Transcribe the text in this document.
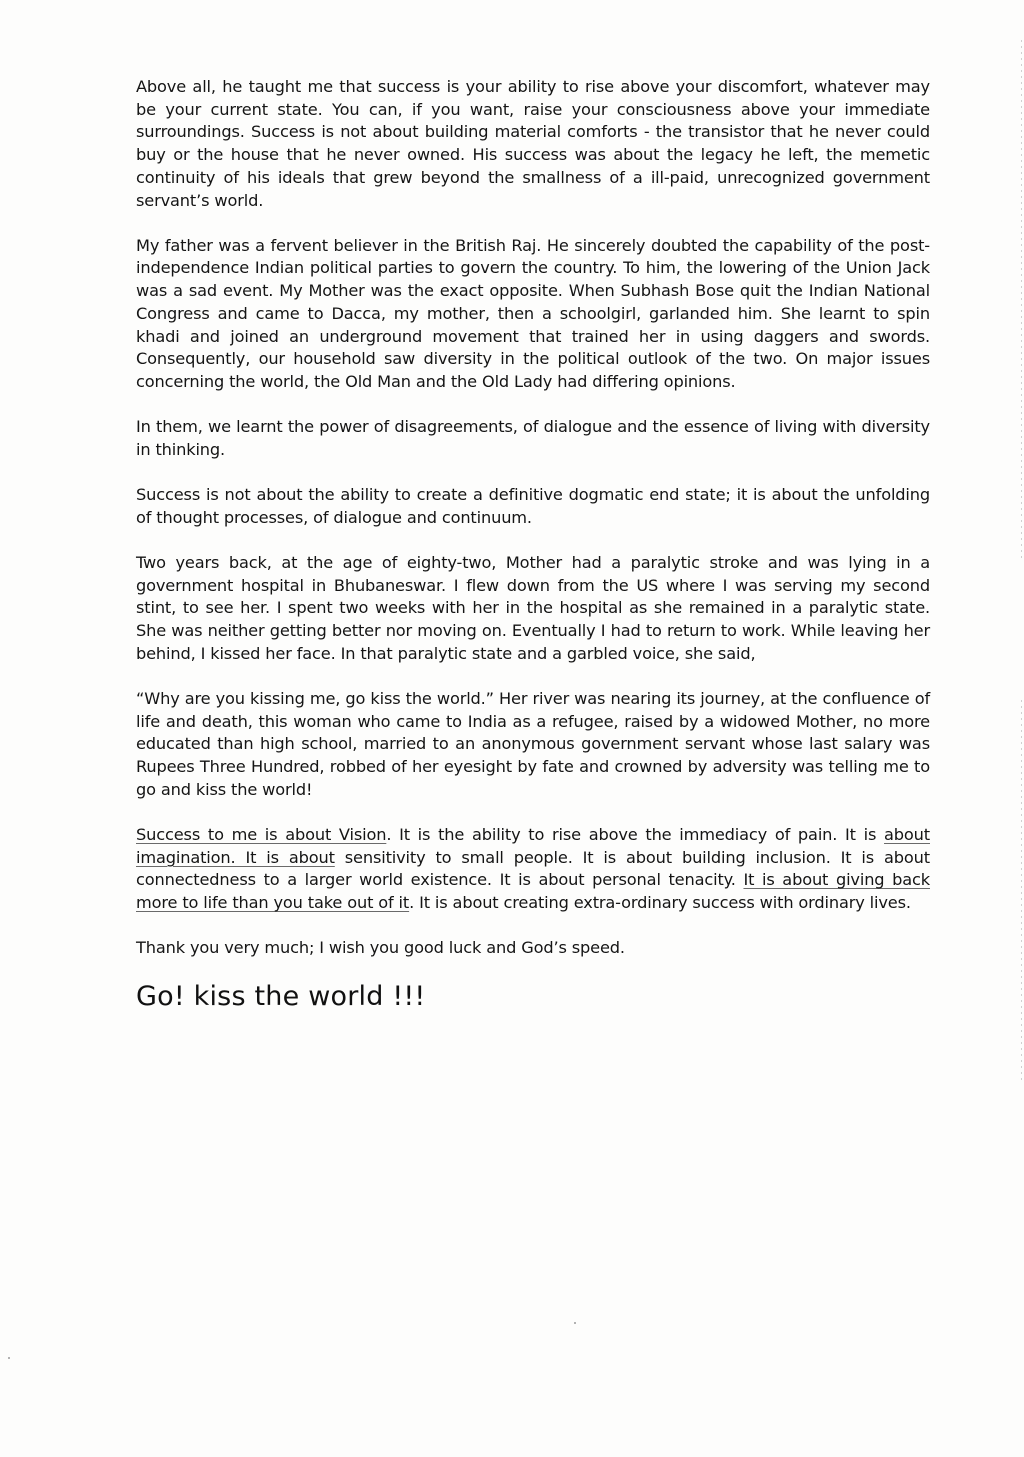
Above all, he taught me that success is your ability to rise above your discomfort, whatever may be your current state. You can, if you want, raise your consciousness above your immediate surroundings. Success is not about building material comforts - the transistor that he never could buy or the house that he never owned. His success was about the legacy he left, the memetic continuity of his ideals that grew beyond the smallness of a ill-paid, unrecognized government servant’s world.

My father was a fervent believer in the British Raj. He sincerely doubted the capability of the post-independence Indian political parties to govern the country. To him, the lowering of the Union Jack was a sad event. My Mother was the exact opposite. When Subhash Bose quit the Indian National Congress and came to Dacca, my mother, then a schoolgirl, garlanded him. She learnt to spin khadi and joined an underground movement that trained her in using daggers and swords. Consequently, our household saw diversity in the political outlook of the two. On major issues concerning the world, the Old Man and the Old Lady had differing opinions.

In them, we learnt the power of disagreements, of dialogue and the essence of living with diversity in thinking.

Success is not about the ability to create a definitive dogmatic end state; it is about the unfolding of thought processes, of dialogue and continuum.

Two years back, at the age of eighty-two, Mother had a paralytic stroke and was lying in a government hospital in Bhubaneswar. I flew down from the US where I was serving my second stint, to see her. I spent two weeks with her in the hospital as she remained in a paralytic state. She was neither getting better nor moving on. Eventually I had to return to work. While leaving her behind, I kissed her face. In that paralytic state and a garbled voice, she said,

“Why are you kissing me, go kiss the world.” Her river was nearing its journey, at the confluence of life and death, this woman who came to India as a refugee, raised by a widowed Mother, no more educated than high school, married to an anonymous government servant whose last salary was Rupees Three Hundred, robbed of her eyesight by fate and crowned by adversity was telling me to go and kiss the world!

Success to me is about Vision. It is the ability to rise above the immediacy of pain. It is about imagination. It is about sensitivity to small people. It is about building inclusion. It is about connectedness to a larger world existence. It is about personal tenacity. It is about giving back more to life than you take out of it. It is about creating extra-ordinary success with ordinary lives.

Thank you very much; I wish you good luck and God’s speed.

Go! kiss the world !!!
